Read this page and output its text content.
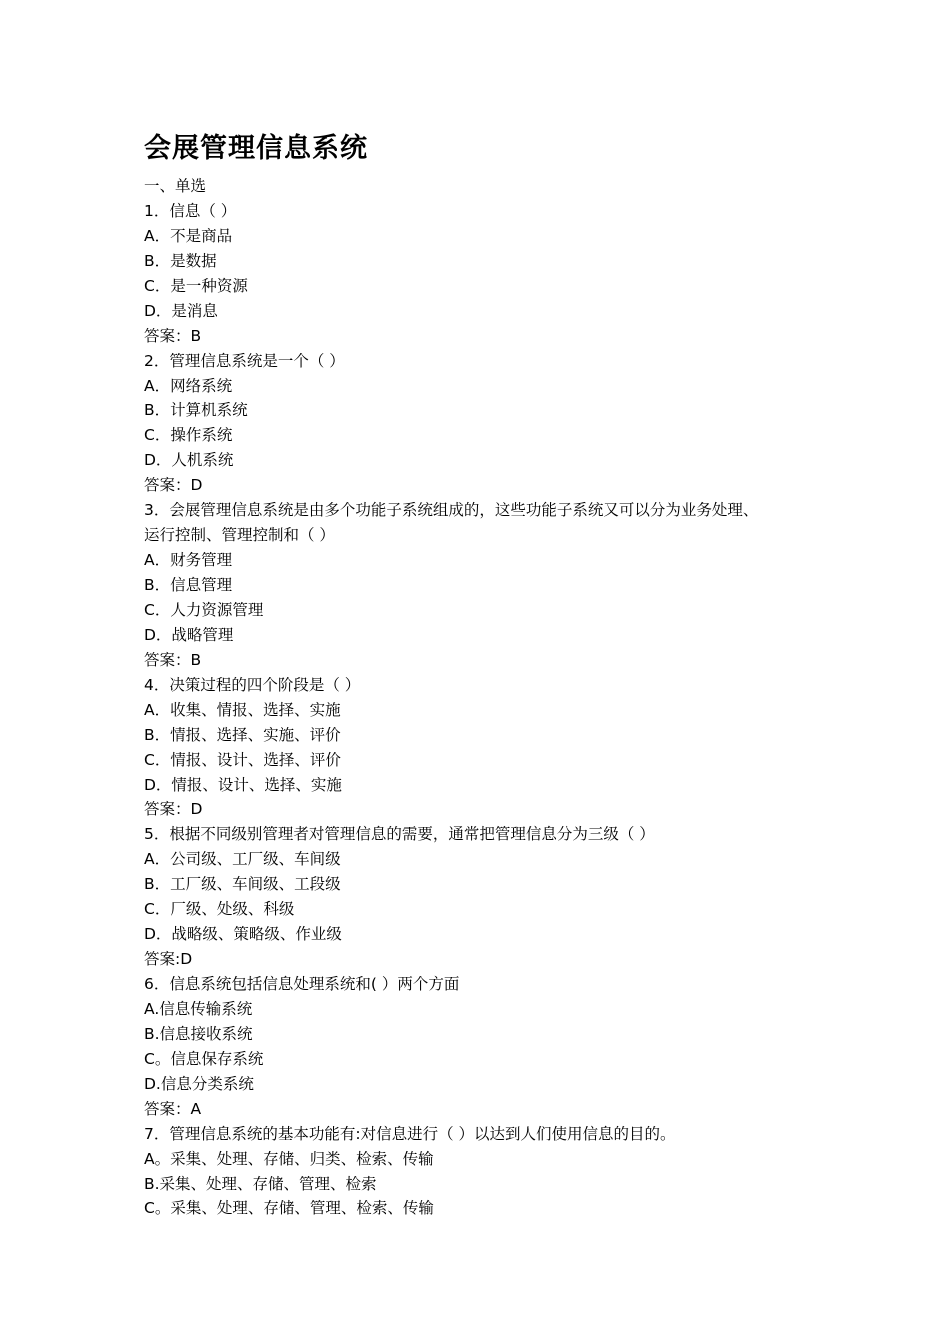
会展管理信息系统
一、单选
1．信息（ ）
A．不是商品
B．是数据
C．是一种资源
D．是消息
答案：B
2．管理信息系统是一个（ ）
A．网络系统
B．计算机系统
C．操作系统
D．人机系统
答案：D
3．会展管理信息系统是由多个功能子系统组成的，这些功能子系统又可以分为业务处理、
运行控制、管理控制和（ ）
A．财务管理
B．信息管理
C．人力资源管理
D．战略管理
答案：B
4．决策过程的四个阶段是（ ）
A．收集、情报、选择、实施
B．情报、选择、实施、评价
C．情报、设计、选择、评价
D．情报、设计、选择、实施
答案：D
5．根据不同级别管理者对管理信息的需要，通常把管理信息分为三级（ ）
A．公司级、工厂级、车间级
B．工厂级、车间级、工段级
C．厂级、处级、科级
D．战略级、策略级、作业级
答案:D
6．信息系统包括信息处理系统和( ）两个方面
A.信息传输系统
B.信息接收系统
C。信息保存系统
D.信息分类系统
答案：A
7．管理信息系统的基本功能有:对信息进行（ ）以达到人们使用信息的目的。
A。采集、处理、存储、归类、检索、传输
B.采集、处理、存储、管理、检索
C。采集、处理、存储、管理、检索、传输
